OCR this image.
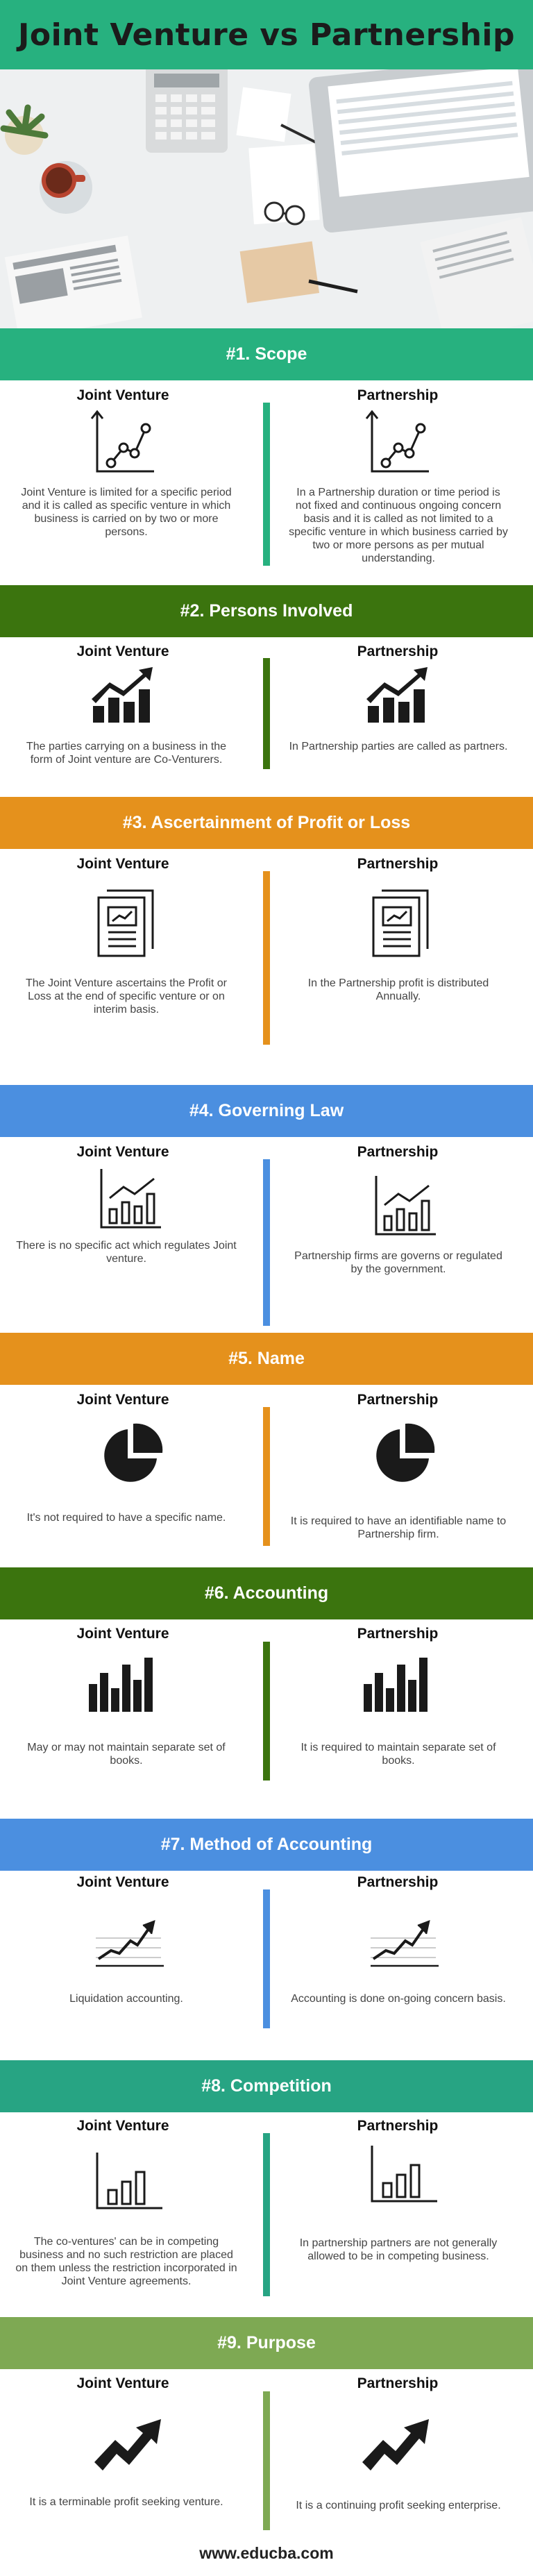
Joint Venture vs Partnership
#1. Scope
Joint Venture	Partnership
Joint Venture is limited for a specific period and it is called as specific venture in which business is carried on by two or more persons.
In a Partnership duration or time period is not fixed and continuous ongoing concern basis and it is called as not limited to a specific venture in which business carried by two or more persons as per mutual understanding.
#2. Persons Involved
Joint Venture	Partnership
The parties carrying on a business in the form of Joint venture are Co-Venturers.
In Partnership parties are called as partners.
#3. Ascertainment of Profit or Loss
Joint Venture	Partnership
The Joint Venture ascertains the Profit or Loss at the end of specific venture or on interim basis.
In the Partnership profit is distributed Annually.
#4. Governing Law
Joint Venture	Partnership
There is no specific act which regulates Joint venture.	Partnership firms are governs or regulated by the government.
#5. Name
Joint Venture	Partnership
It's not required to have a specific name.	It is required to have an identifiable name to Partnership firm.
#6. Accounting
Joint Venture	Partnership
May or may not maintain separate set of books.
It is required to maintain separate set of books.
#7. Method of Accounting
Joint Venture	Partnership
Liquidation accounting.	Accounting is done on-going concern basis.
#8. Competition
Joint Venture	Partnership
The co-ventures' can be in competing business and no such restriction are placed on them unless the restriction incorporated in Joint Venture agreements.
In partnership partners are not generally allowed to be in competing business.
#9. Purpose
Joint Venture	Partnership
It is a terminable profit seeking venture.	It is a continuing profit seeking enterprise.
www.educba.com
